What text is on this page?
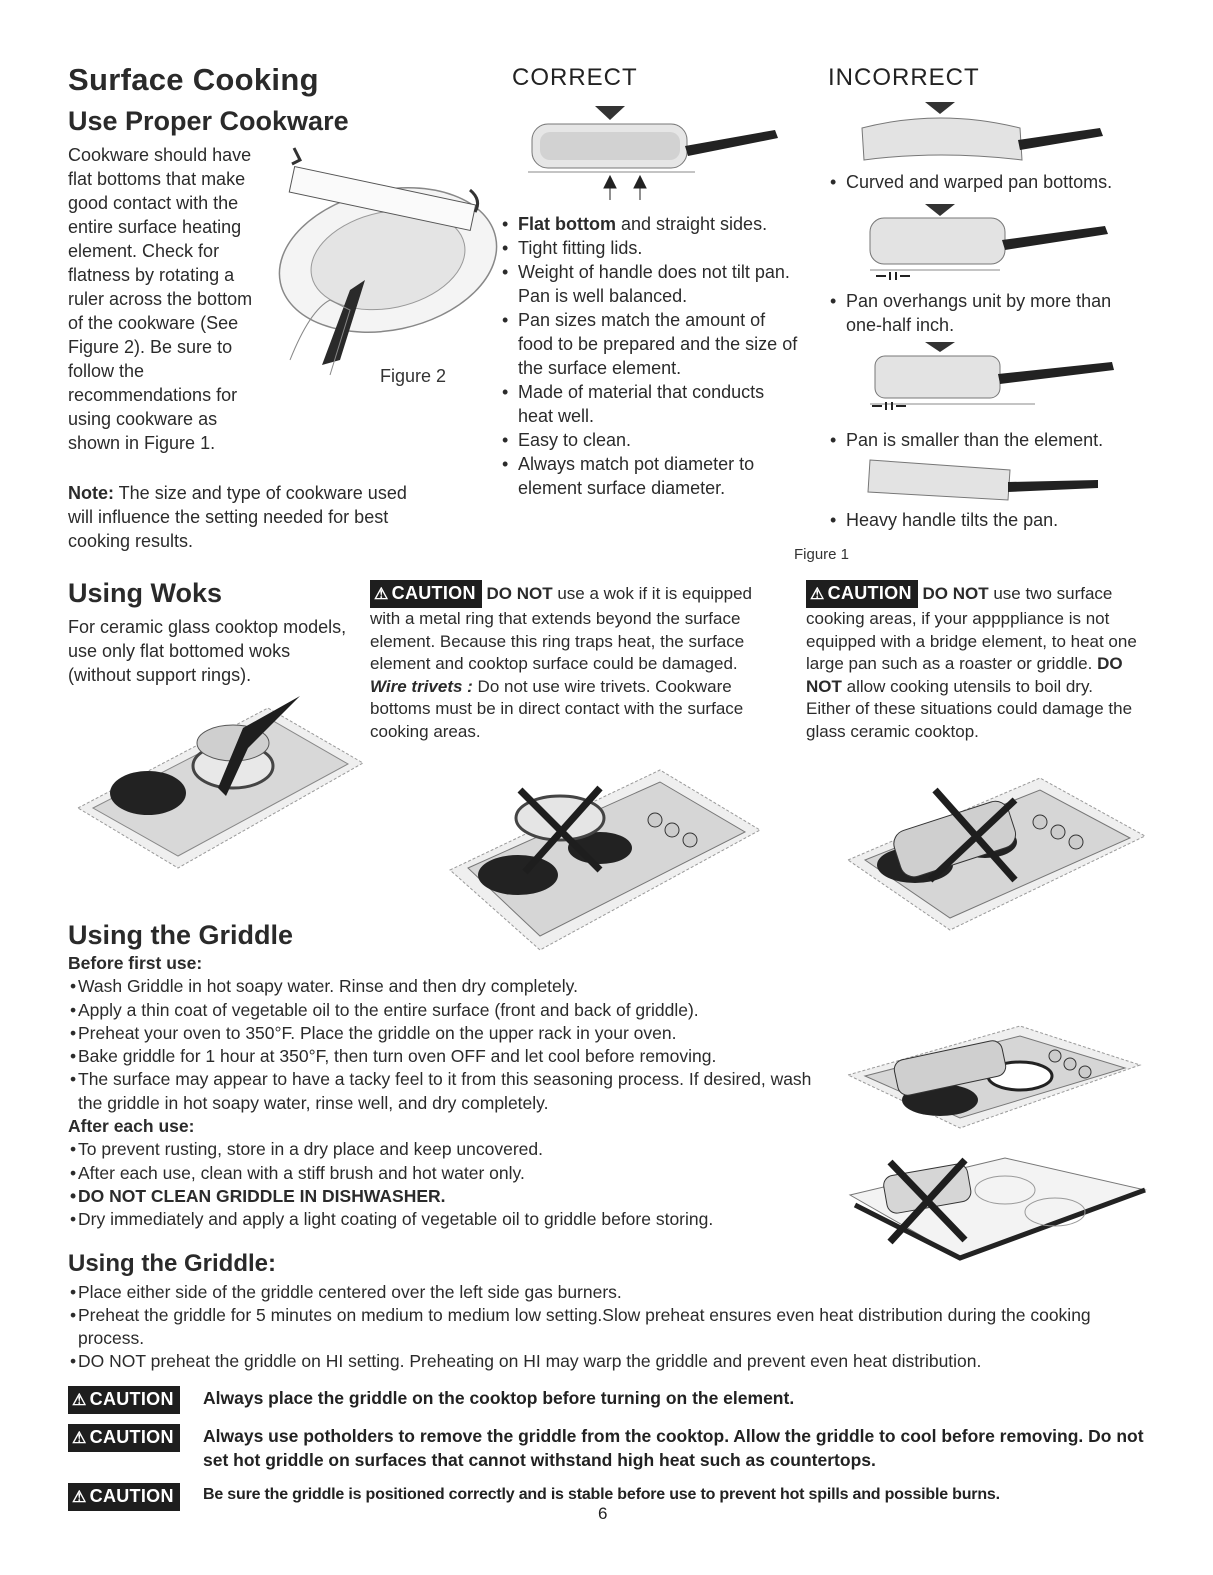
Surface Cooking
Use Proper Cookware
Cookware should have flat bottoms that make good contact with the entire surface heating element. Check for flatness by rotating a ruler across the bottom of the cookware (See Figure 2). Be sure to follow the recommendations for using cookware as shown in Figure 1.
Figure 2
Note: The size and type of cookware used will influence the setting needed for best cooking results.
CORRECT
• Flat bottom and straight sides.
• Tight fitting lids.
• Weight of handle does not tilt pan. Pan is well balanced.
• Pan sizes match the amount of food to be prepared and the size of the surface element.
• Made of material that conducts heat well.
• Easy to clean.
• Always match pot diameter to element surface diameter.
INCORRECT
• Curved and warped pan bottoms.
• Pan overhangs unit by more than one-half inch.
• Pan is smaller than the element.
• Heavy handle tilts the pan.
Figure 1
Using Woks
For ceramic glass cooktop models, use only flat bottomed woks (without support rings).
⚠ CAUTION DO NOT use a wok if it is equipped with a metal ring that extends beyond the surface element. Because this ring traps heat, the surface element and cooktop surface could be damaged.
Wire trivets : Do not use wire trivets. Cookware bottoms must be in direct contact with the surface cooking areas.
⚠ CAUTION DO NOT use two surface cooking areas, if your appppliance is not equipped with a bridge element, to heat one large pan such as a roaster or griddle. DO NOT allow cooking utensils to boil dry. Either of these situations could damage the glass ceramic cooktop.
Using the Griddle
Before first use:
• Wash Griddle in hot soapy water. Rinse and then dry completely.
• Apply a thin coat of vegetable oil to the entire surface (front and back of griddle).
• Preheat your oven to 350°F. Place the griddle on the upper rack in your oven.
• Bake griddle for 1 hour at 350°F, then turn oven OFF and let cool before removing.
• The surface may appear to have a tacky feel to it from this seasoning process. If desired, wash the griddle in hot soapy water, rinse well, and dry completely.
After each use:
• To prevent rusting, store in a dry place and keep uncovered.
• After each use, clean with a stiff brush and hot water only.
• DO NOT CLEAN GRIDDLE IN DISHWASHER.
• Dry immediately and apply a light coating of vegetable oil to griddle before storing.
Using the Griddle:
• Place either side of the griddle centered over the left side gas burners.
• Preheat the griddle for 5 minutes on medium to medium low setting.Slow preheat ensures even heat distribution during the cooking process.
• DO NOT preheat the griddle on HI setting. Preheating on HI may warp the griddle and prevent even heat distribution.
⚠ CAUTION	Always place the griddle on the cooktop before turning on the element.
⚠ CAUTION	Always use potholders to remove the griddle from the cooktop. Allow the griddle to cool before removing. Do not set hot griddle on surfaces that cannot withstand high heat such as countertops.
⚠ CAUTION	Be sure the griddle is positioned correctly and is stable before use to prevent hot spills and possible burns.
6
